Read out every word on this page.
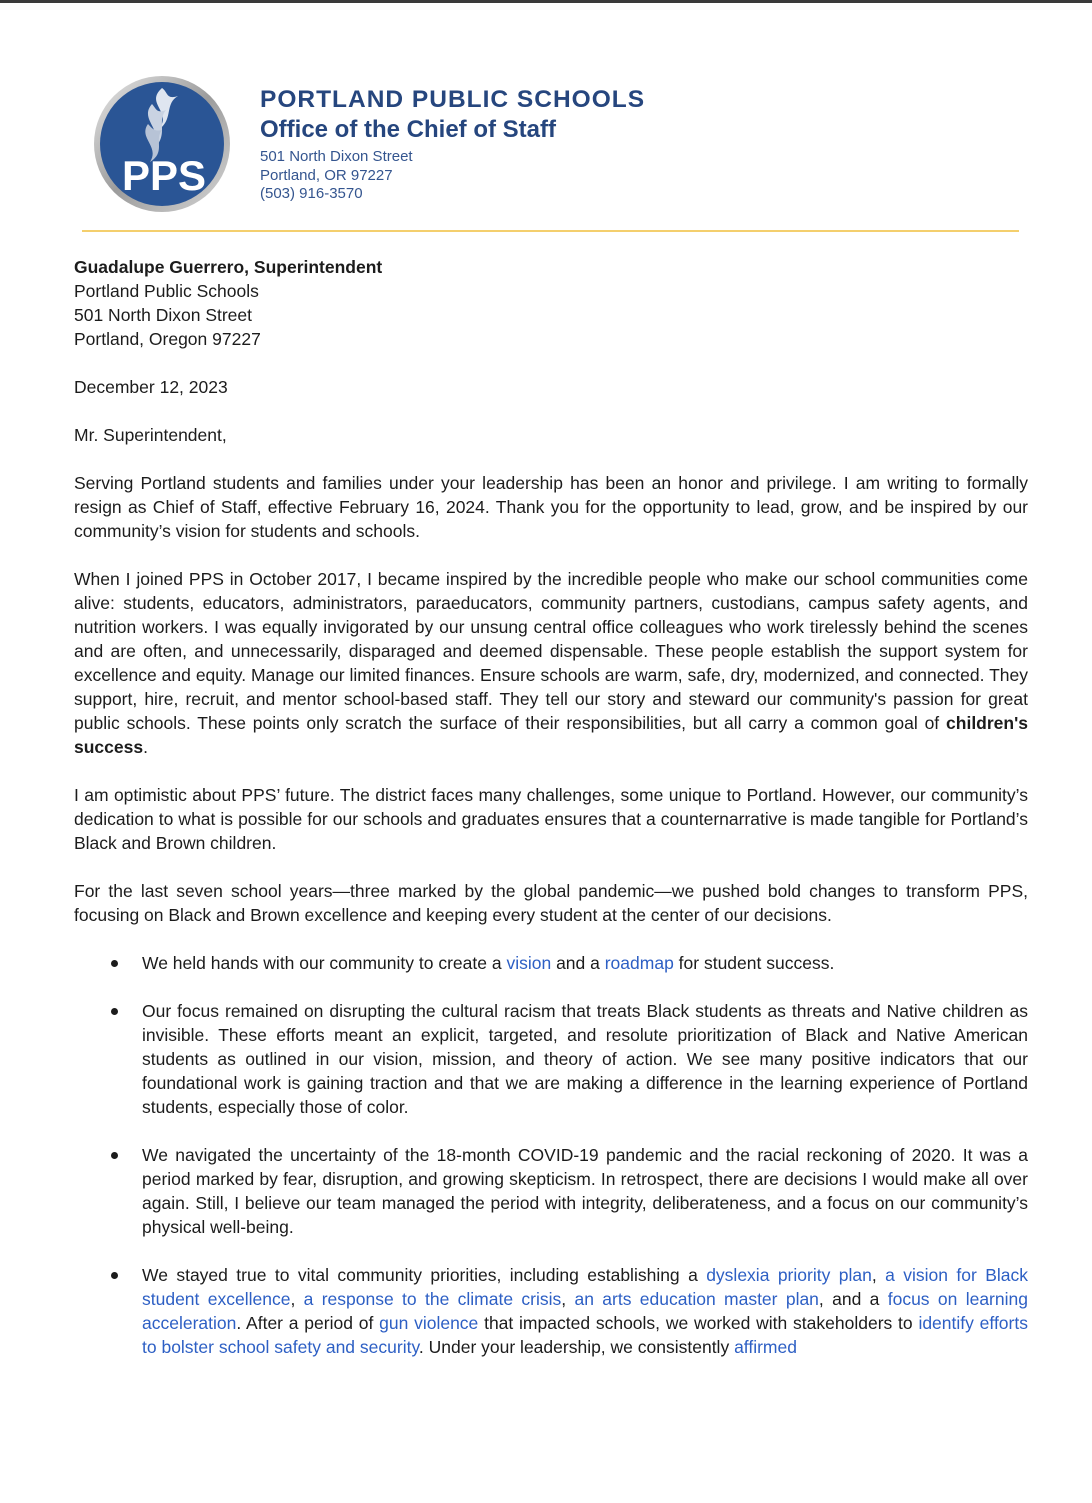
PPS
PORTLAND PUBLIC SCHOOLS
Office of the Chief of Staff
501 North Dixon Street
Portland, OR 97227
(503) 916-3570
Guadalupe Guerrero, Superintendent
Portland Public Schools
501 North Dixon Street
Portland, Oregon 97227
December 12, 2023
Mr. Superintendent,

Serving Portland students and families under your leadership has been an honor and privilege. I am writing to formally resign as Chief of Staff, effective February 16, 2024. Thank you for the opportunity to lead, grow, and be inspired by our community’s vision for students and schools.

When I joined PPS in October 2017, I became inspired by the incredible people who make our school communities come alive: students, educators, administrators, paraeducators, community partners, custodians, campus safety agents, and nutrition workers. I was equally invigorated by our unsung central office colleagues who work tirelessly behind the scenes and are often, and unnecessarily, disparaged and deemed dispensable. These people establish the support system for excellence and equity. Manage our limited finances. Ensure schools are warm, safe, dry, modernized, and connected. They support, hire, recruit, and mentor school-based staff. They tell our story and steward our community's passion for great public schools. These points only scratch the surface of their responsibilities, but all carry a common goal of children's success.

I am optimistic about PPS’ future. The district faces many challenges, some unique to Portland. However, our community’s dedication to what is possible for our schools and graduates ensures that a counternarrative is made tangible for Portland’s Black and Brown children.

For the last seven school years—three marked by the global pandemic—we pushed bold changes to transform PPS, focusing on Black and Brown excellence and keeping every student at the center of our decisions.

We held hands with our community to create a vision and a roadmap for student success.
Our focus remained on disrupting the cultural racism that treats Black students as threats and Native children as invisible. These efforts meant an explicit, targeted, and resolute prioritization of Black and Native American students as outlined in our vision, mission, and theory of action. We see many positive indicators that our foundational work is gaining traction and that we are making a difference in the learning experience of Portland students, especially those of color.
We navigated the uncertainty of the 18-month COVID-19 pandemic and the racial reckoning of 2020. It was a period marked by fear, disruption, and growing skepticism. In retrospect, there are decisions I would make all over again. Still, I believe our team managed the period with integrity, deliberateness, and a focus on our community’s physical well-being.
We stayed true to vital community priorities, including establishing a dyslexia priority plan, a vision for Black student excellence, a response to the climate crisis, an arts education master plan, and a focus on learning acceleration. After a period of gun violence that impacted schools, we worked with stakeholders to identify efforts to bolster school safety and security. Under your leadership, we consistently affirmed
